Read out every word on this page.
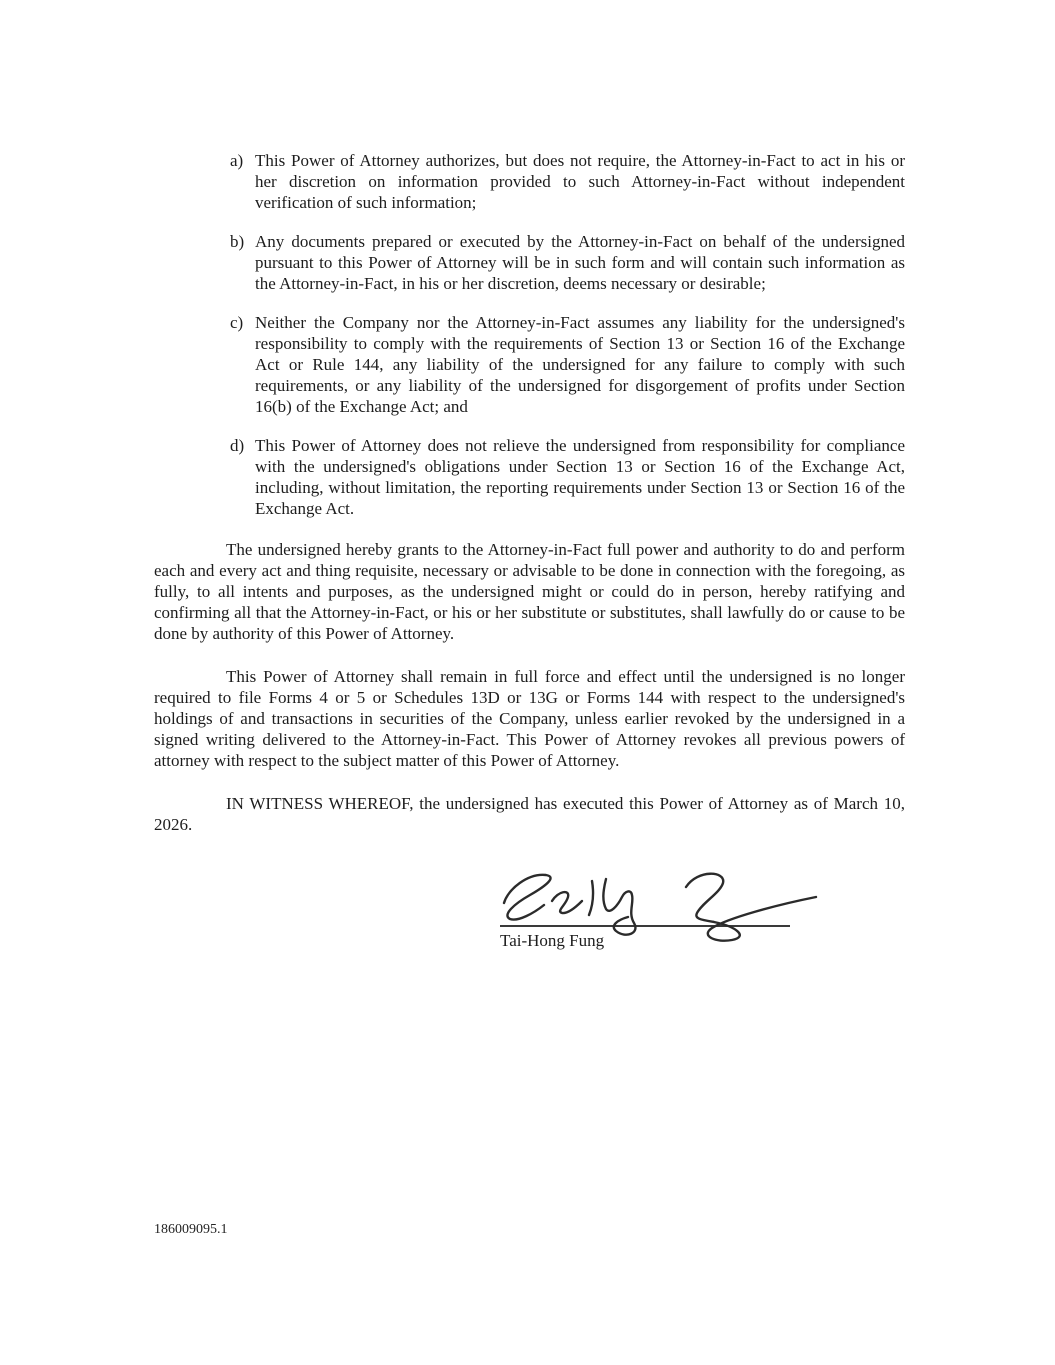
a) This Power of Attorney authorizes, but does not require, the Attorney-in-Fact to act in his or her discretion on information provided to such Attorney-in-Fact without independent verification of such information;
b) Any documents prepared or executed by the Attorney-in-Fact on behalf of the undersigned pursuant to this Power of Attorney will be in such form and will contain such information as the Attorney-in-Fact, in his or her discretion, deems necessary or desirable;
c) Neither the Company nor the Attorney-in-Fact assumes any liability for the undersigned's responsibility to comply with the requirements of Section 13 or Section 16 of the Exchange Act or Rule 144, any liability of the undersigned for any failure to comply with such requirements, or any liability of the undersigned for disgorgement of profits under Section 16(b) of the Exchange Act; and
d) This Power of Attorney does not relieve the undersigned from responsibility for compliance with the undersigned's obligations under Section 13 or Section 16 of the Exchange Act, including, without limitation, the reporting requirements under Section 13 or Section 16 of the Exchange Act.

The undersigned hereby grants to the Attorney-in-Fact full power and authority to do and perform each and every act and thing requisite, necessary or advisable to be done in connection with the foregoing, as fully, to all intents and purposes, as the undersigned might or could do in person, hereby ratifying and confirming all that the Attorney-in-Fact, or his or her substitute or substitutes, shall lawfully do or cause to be done by authority of this Power of Attorney.

This Power of Attorney shall remain in full force and effect until the undersigned is no longer required to file Forms 4 or 5 or Schedules 13D or 13G or Forms 144 with respect to the undersigned's holdings of and transactions in securities of the Company, unless earlier revoked by the undersigned in a signed writing delivered to the Attorney-in-Fact. This Power of Attorney revokes all previous powers of attorney with respect to the subject matter of this Power of Attorney.

IN WITNESS WHEREOF, the undersigned has executed this Power of Attorney as of March 10, 2026.

Tai-Hong Fung
186009095.1
